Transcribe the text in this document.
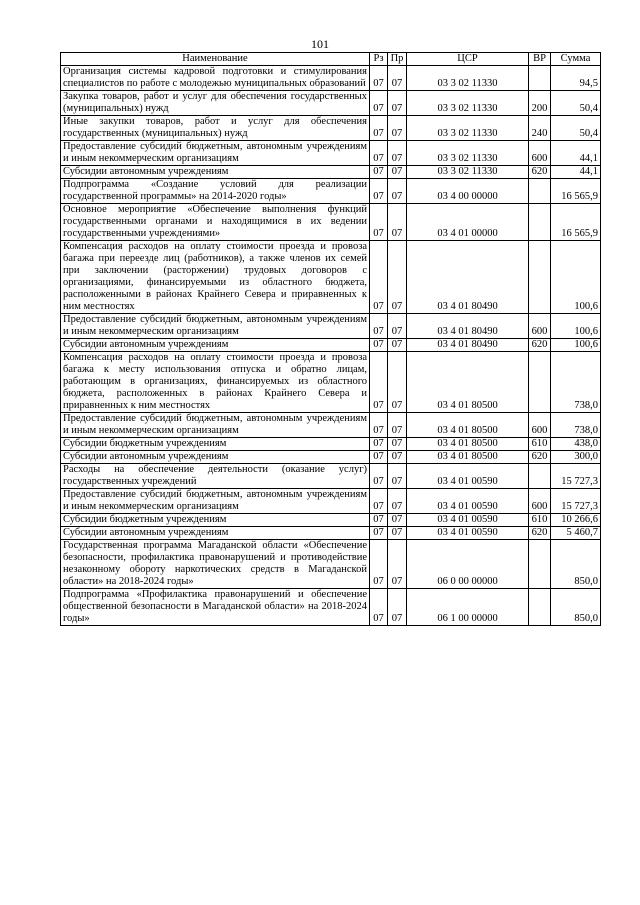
101
Наименование	Рз	Пр	ЦСР	ВР	Сумма
Организация системы кадровой подготовки и стимулирования специалистов по работе с молодежью муниципальных образований	07	07	03 3 02 11330		94,5
Закупка товаров, работ и услуг для обеспечения государственных (муниципальных) нужд	07	07	03 3 02 11330	200	50,4
Иные закупки товаров, работ и услуг для обеспечения государственных (муниципальных) нужд	07	07	03 3 02 11330	240	50,4
Предоставление субсидий бюджетным, автономным учреждениям и иным некоммерческим организациям	07	07	03 3 02 11330	600	44,1
Субсидии автономным учреждениям	07	07	03 3 02 11330	620	44,1
Подпрограмма «Создание условий для реализации государственной программы» на 2014-2020 годы»	07	07	03 4 00 00000		16 565,9
Основное мероприятие «Обеспечение выполнения функций государственными органами и находящимися в их ведении государственными учреждениями»	07	07	03 4 01 00000		16 565,9
Компенсация расходов на оплату стоимости проезда и провоза багажа при переезде лиц (работников), а также членов их семей при заключении (расторжении) трудовых договоров с организациями, финансируемыми из областного бюджета, расположенными в районах Крайнего Севера и приравненных к ним местностях	07	07	03 4 01 80490		100,6
Предоставление субсидий бюджетным, автономным учреждениям и иным некоммерческим организациям	07	07	03 4 01 80490	600	100,6
Субсидии автономным учреждениям	07	07	03 4 01 80490	620	100,6
Компенсация расходов на оплату стоимости проезда и провоза багажа к месту использования отпуска и обратно лицам, работающим в организациях, финансируемых из областного бюджета, расположенных в районах Крайнего Севера и приравненных к ним местностях	07	07	03 4 01 80500		738,0
Предоставление субсидий бюджетным, автономным учреждениям и иным некоммерческим организациям	07	07	03 4 01 80500	600	738,0
Субсидии бюджетным учреждениям	07	07	03 4 01 80500	610	438,0
Субсидии автономным учреждениям	07	07	03 4 01 80500	620	300,0
Расходы на обеспечение деятельности (оказание услуг) государственных учреждений	07	07	03 4 01 00590		15 727,3
Предоставление субсидий бюджетным, автономным учреждениям и иным некоммерческим организациям	07	07	03 4 01 00590	600	15 727,3
Субсидии бюджетным учреждениям	07	07	03 4 01 00590	610	10 266,6
Субсидии автономным учреждениям	07	07	03 4 01 00590	620	5 460,7
Государственная программа Магаданской области «Обеспечение безопасности, профилактика правонарушений и противодействие незаконному обороту наркотических средств в Магаданской области» на 2018-2024 годы»	07	07	06 0 00 00000		850,0
Подпрограмма «Профилактика правонарушений и обеспечение общественной безопасности в Магаданской области» на 2018-2024 годы»	07	07	06 1 00 00000		850,0
